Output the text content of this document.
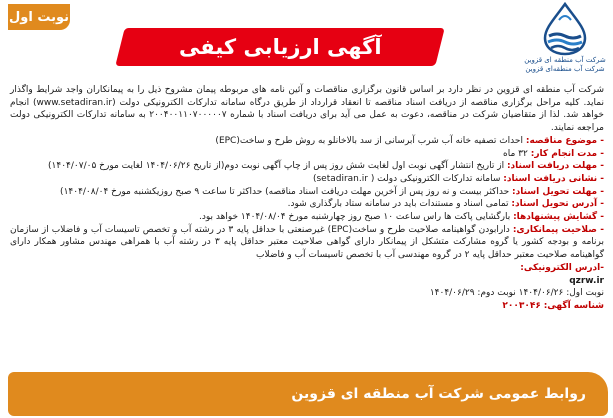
نوبت اول
آگهی ارزیابی کیفی
شرکت آب منطقه ای قزوین
شرکت آب منطقه‌ای قزوین

شرکت آب منطقه ای قزوین در نظر دارد بر اساس قانون برگزاری مناقصات و آئین نامه های مربوطه پیمان مشروح ذیل را به پیمانکاران واجد شرایط واگذار نماید. کلیه مراحل برگزاری مناقصه از دریافت اسناد مناقصه تا انعقاد قرارداد از طریق درگاه سامانه تدارکات الکترونیکی دولت (www.setadiran.ir) انجام خواهد شد. لذا از متقاضیان شرکت در مناقصه، دعوت به عمل می آید برای دریافت اسناد با شماره ۲۰۰۴۰۰۱۱۰۷۰۰۰۰۰۷ به سامانه تدارکات الکترونیکی دولت مراجعه نمایند.

- موضوع مناقصه: احداث تصفیه خانه آب شرب آبرسانی از سد بالاخانلو به روش طرح و ساخت(EPC)

- مدت انجام کار: ۳۲ ماه

- مهلت دریافت اسناد: از تاریخ انتشار آگهی نوبت اول لغایت شش روز پس از چاپ آگهی نوبت دوم(از تاریخ ۱۴۰۴/۰۶/۲۶ لغایت مورخ ۱۴۰۴/۰۷/۰۵)

- نشانی دریافت اسناد: سامانه تدارکات الکترونیکی دولت ( setadiran.ir)

- مهلت تحویل اسناد: حداکثر بیست و نه روز پس از آخرین مهلت دریافت اسناد مناقصه) حداکثر تا ساعت ۹ صبح روزیکشنبه مورخ ۱۴۰۴/۰۸/۰۴)

- آدرس تحویل اسناد: تمامی اسناد و مستندات باید در سامانه ستاد بارگذاری شود.

- گشایش پیشنهادها: بارگشایی پاکت ها راس ساعت ۱۰ صبح روز چهارشنبه مورخ ۱۴۰۴/۰۸/۰۴ خواهد بود.

- صلاحیت پیمانکاری: دارابودن گواهینامه صلاحیت طرح و ساخت(EPC) غیرصنعتی با حداقل پایه ۳ در رشته آب و تخصص تاسیسات آب و فاضلاب از سازمان برنامه و بودجه کشور یا گروه مشارکت متشکل از پیمانکار دارای گواهی صلاحیت معتبر حداقل پایه ۳ در رشته آب با همراهی مهندس مشاور همکار دارای گواهینامه صلاحیت معتبر حداقل پایه ۲ در گروه مهندسی آب با تخصص تاسیسات آب و فاضلاب

-ادرس الکترونیکی:

qzrw.ir

نوبت اول: ۱۴۰۴/۰۶/۲۶ نوبت دوم: ۱۴۰۴/۰۶/۲۹

شناسه آگهی: ۲۰۰۳۰۴۶

روابط عمومی شرکت آب منطقه ای قزوین
